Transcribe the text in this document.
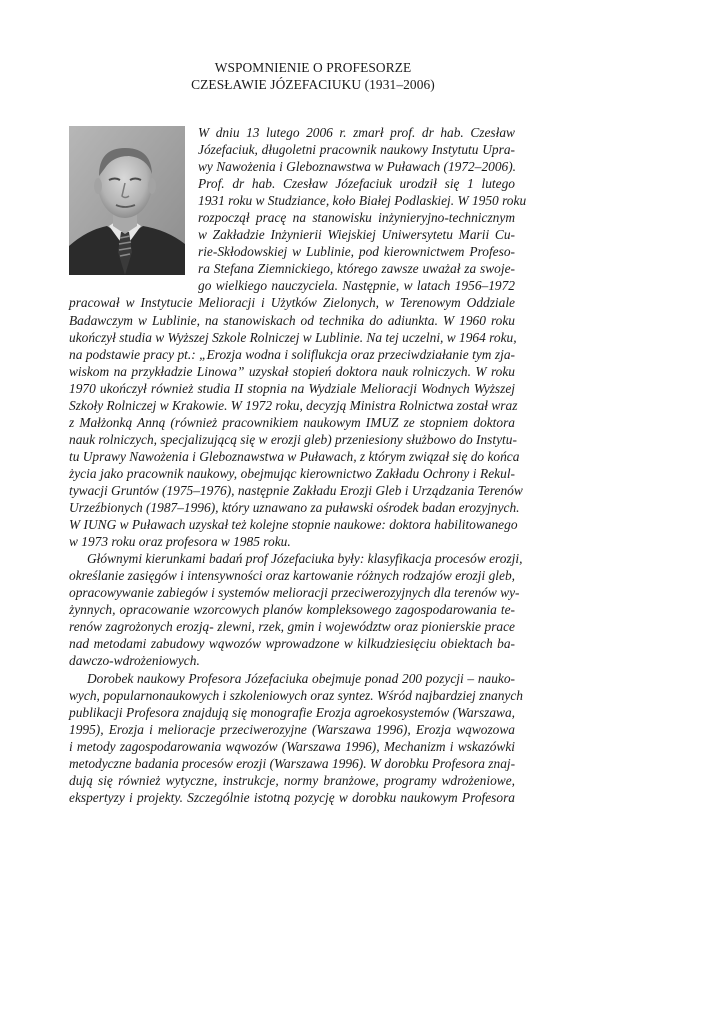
WSPOMNIENIE O PROFESORZE
CZESŁAWIE JÓZEFACIUKU (1931–2006)

W dniu 13 lutego 2006 r. zmarł prof. dr hab. Czesław
Józefaciuk, długoletni pracownik naukowy Instytutu Upra-
wy Nawożenia i Gleboznawstwa w Puławach (1972–2006).

Prof. dr hab. Czesław Józefaciuk urodził się 1 lutego
1931 roku w Studziance, koło Białej Podlaskiej. W 1950 roku
rozpoczął pracę na stanowisku inżynieryjno-technicznym
w Zakładzie Inżynierii Wiejskiej Uniwersytetu Marii Cu-
rie-Skłodowskiej w Lublinie, pod kierownictwem Profeso-
ra Stefana Ziemnickiego, którego zawsze uważał za swoje-
go wielkiego nauczyciela. Następnie, w latach 1956–1972
pracował w Instytucie Melioracji i Użytków Zielonych, w Terenowym Oddziale
Badawczym w Lublinie, na stanowiskach od technika do adiunkta. W 1960 roku
ukończył studia w Wyższej Szkole Rolniczej w Lublinie. Na tej uczelni, w 1964 roku,
na podstawie pracy pt.: „Erozja wodna i soliflukcja oraz przeciwdziałanie tym zja-
wiskom na przykładzie Linowa” uzyskał stopień doktora nauk rolniczych. W roku
1970 ukończył również studia II stopnia na Wydziale Melioracji Wodnych Wyższej
Szkoły Rolniczej w Krakowie. W 1972 roku, decyzją Ministra Rolnictwa został wraz
z Małżonką Anną (również pracownikiem naukowym IMUZ ze stopniem doktora
nauk rolniczych, specjalizującą się w erozji gleb) przeniesiony służbowo do Instytu-
tu Uprawy Nawożenia i Gleboznawstwa w Puławach, z którym związał się do końca
życia jako pracownik naukowy, obejmując kierownictwo Zakładu Ochrony i Rekul-
tywacji Gruntów (1975–1976), następnie Zakładu Erozji Gleb i Urządzania Terenów
Urzeźbionych (1987–1996), który uznawano za puławski ośrodek badan erozyjnych.
W IUNG w Puławach uzyskał też kolejne stopnie naukowe: doktora habilitowanego
w 1973 roku oraz profesora w 1985 roku.

Głównymi kierunkami badań prof Józefaciuka były: klasyfikacja procesów erozji,
określanie zasięgów i intensywności oraz kartowanie różnych rodzajów erozji gleb,
opracowywanie zabiegów i systemów melioracji przeciwerozyjnych dla terenów wy-
żynnych, opracowanie wzorcowych planów kompleksowego zagospodarowania te-
renów zagrożonych erozją- zlewni, rzek, gmin i województw oraz pionierskie prace
nad metodami zabudowy wąwozów wprowadzone w kilkudziesięciu obiektach ba-
dawczo-wdrożeniowych.

Dorobek naukowy Profesora Józefaciuka obejmuje ponad 200 pozycji – nauko-
wych, popularnonaukowych i szkoleniowych oraz syntez. Wśród najbardziej znanych
publikacji Profesora znajdują się monografie Erozja agroekosystemów (Warszawa,
1995), Erozja i melioracje przeciwerozyjne (Warszawa 1996), Erozja wąwozowa
i metody zagospodarowania wąwozów (Warszawa 1996), Mechanizm i wskazówki
metodyczne badania procesów erozji (Warszawa 1996). W dorobku Profesora znaj-
dują się również wytyczne, instrukcje, normy branżowe, programy wdrożeniowe,
ekspertyzy i projekty. Szczególnie istotną pozycję w dorobku naukowym Profesora
